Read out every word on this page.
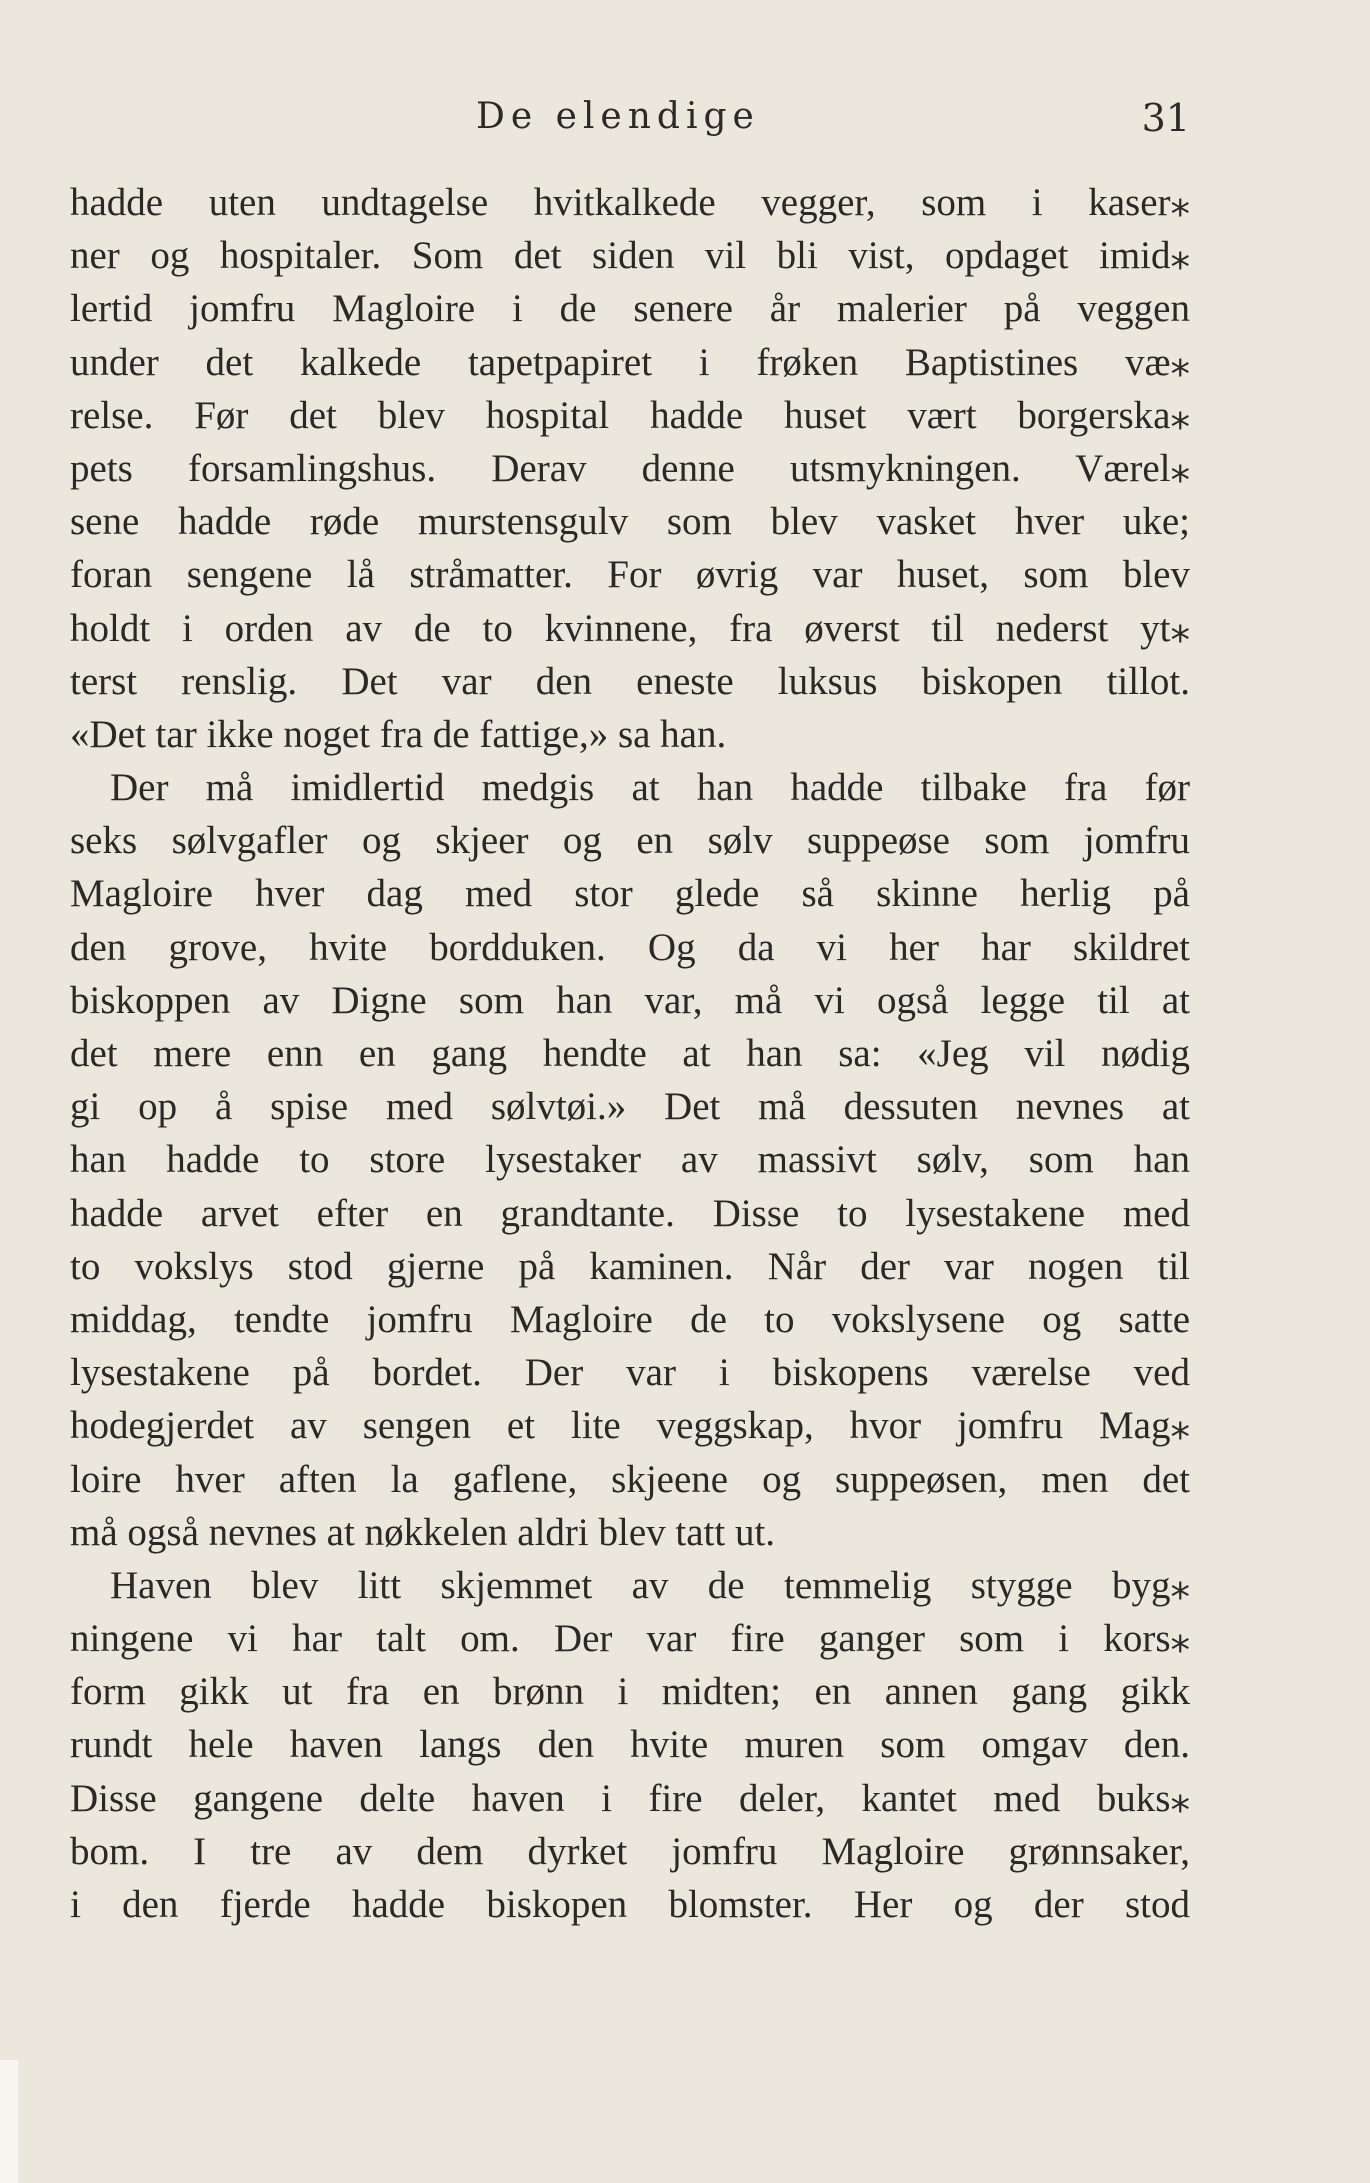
De elendige	31
hadde uten undtagelse hvitkalkede vegger, som i kaser⁎
ner og hospitaler. Som det siden vil bli vist, opdaget imid⁎
lertid jomfru Magloire i de senere år malerier på veggen
under det kalkede tapetpapiret i frøken Baptistines væ⁎
relse. Før det blev hospital hadde huset vært borgerska⁎
pets forsamlingshus. Derav denne utsmykningen. Værel⁎
sene hadde røde murstensgulv som blev vasket hver uke;
foran sengene lå stråmatter. For øvrig var huset, som blev
holdt i orden av de to kvinnene, fra øverst til nederst yt⁎
terst renslig. Det var den eneste luksus biskopen tillot.
«Det tar ikke noget fra de fattige,» sa han.
Der må imidlertid medgis at han hadde tilbake fra før
seks sølvgafler og skjeer og en sølv suppeøse som jomfru
Magloire hver dag med stor glede så skinne herlig på
den grove, hvite bordduken. Og da vi her har skildret
biskoppen av Digne som han var, må vi også legge til at
det mere enn en gang hendte at han sa: «Jeg vil nødig
gi op å spise med sølvtøi.» Det må dessuten nevnes at
han hadde to store lysestaker av massivt sølv, som han
hadde arvet efter en grandtante. Disse to lysestakene med
to vokslys stod gjerne på kaminen. Når der var nogen til
middag, tendte jomfru Magloire de to vokslysene og satte
lysestakene på bordet. Der var i biskopens værelse ved
hodegjerdet av sengen et lite veggskap, hvor jomfru Mag⁎
loire hver aften la gaflene, skjeene og suppeøsen, men det
må også nevnes at nøkkelen aldri blev tatt ut.
Haven blev litt skjemmet av de temmelig stygge byg⁎
ningene vi har talt om. Der var fire ganger som i kors⁎
form gikk ut fra en brønn i midten; en annen gang gikk
rundt hele haven langs den hvite muren som omgav den.
Disse gangene delte haven i fire deler, kantet med buks⁎
bom. I tre av dem dyrket jomfru Magloire grønnsaker,
i den fjerde hadde biskopen blomster. Her og der stod
